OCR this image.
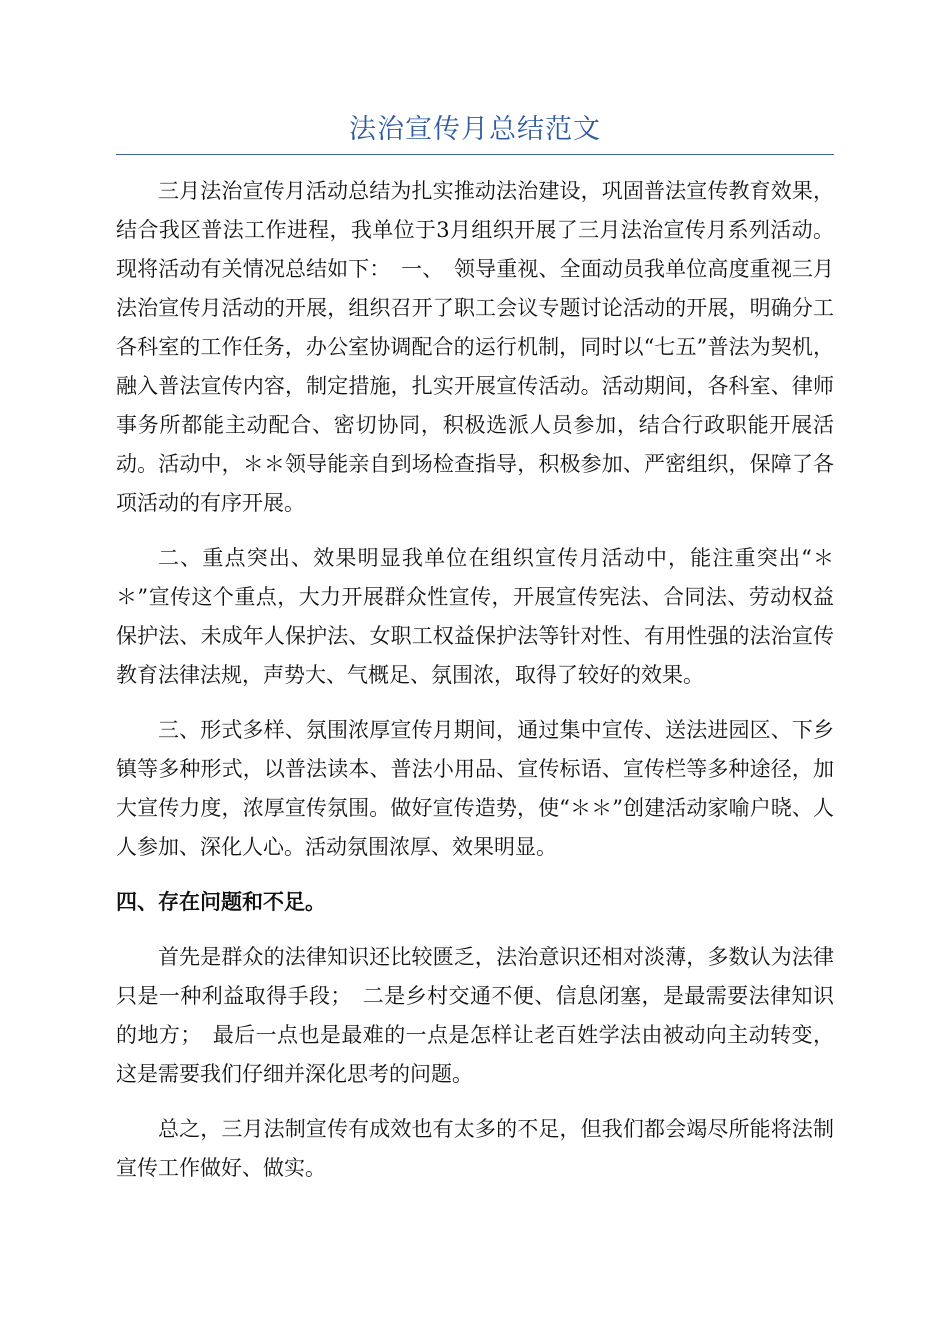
法治宣传月总结范文

三月法治宣传月活动总结为扎实推动法治建设，巩固普法宣传教育效果，结合我区普法工作进程，我单位于3月组织开展了三月法治宣传月系列活动。现将活动有关情况总结如下：　一、　领导重视、全面动员我单位高度重视三月法治宣传月活动的开展，组织召开了职工会议专题讨论活动的开展，明确分工各科室的工作任务，办公室协调配合的运行机制，同时以“七五”普法为契机，融入普法宣传内容，制定措施，扎实开展宣传活动。活动期间，各科室、律师事务所都能主动配合、密切协同，积极选派人员参加，结合行政职能开展活动。活动中，＊＊领导能亲自到场检查指导，积极参加、严密组织，保障了各项活动的有序开展。

二、重点突出、效果明显我单位在组织宣传月活动中，能注重突出“＊＊”宣传这个重点，大力开展群众性宣传，开展宣传宪法、合同法、劳动权益保护法、未成年人保护法、女职工权益保护法等针对性、有用性强的法治宣传教育法律法规，声势大、气概足、氛围浓，取得了较好的效果。

三、形式多样、氛围浓厚宣传月期间，通过集中宣传、送法进园区、下乡镇等多种形式，以普法读本、普法小用品、宣传标语、宣传栏等多种途径，加大宣传力度，浓厚宣传氛围。做好宣传造势，使“＊＊”创建活动家喻户晓、人人参加、深化人心。活动氛围浓厚、效果明显。

四、存在问题和不足。

首先是群众的法律知识还比较匮乏，法治意识还相对淡薄，多数认为法律只是一种利益取得手段；　二是乡村交通不便、信息闭塞，是最需要法律知识的地方；　最后一点也是最难的一点是怎样让老百姓学法由被动向主动转变，这是需要我们仔细并深化思考的问题。

总之，三月法制宣传有成效也有太多的不足，但我们都会竭尽所能将法制宣传工作做好、做实。
